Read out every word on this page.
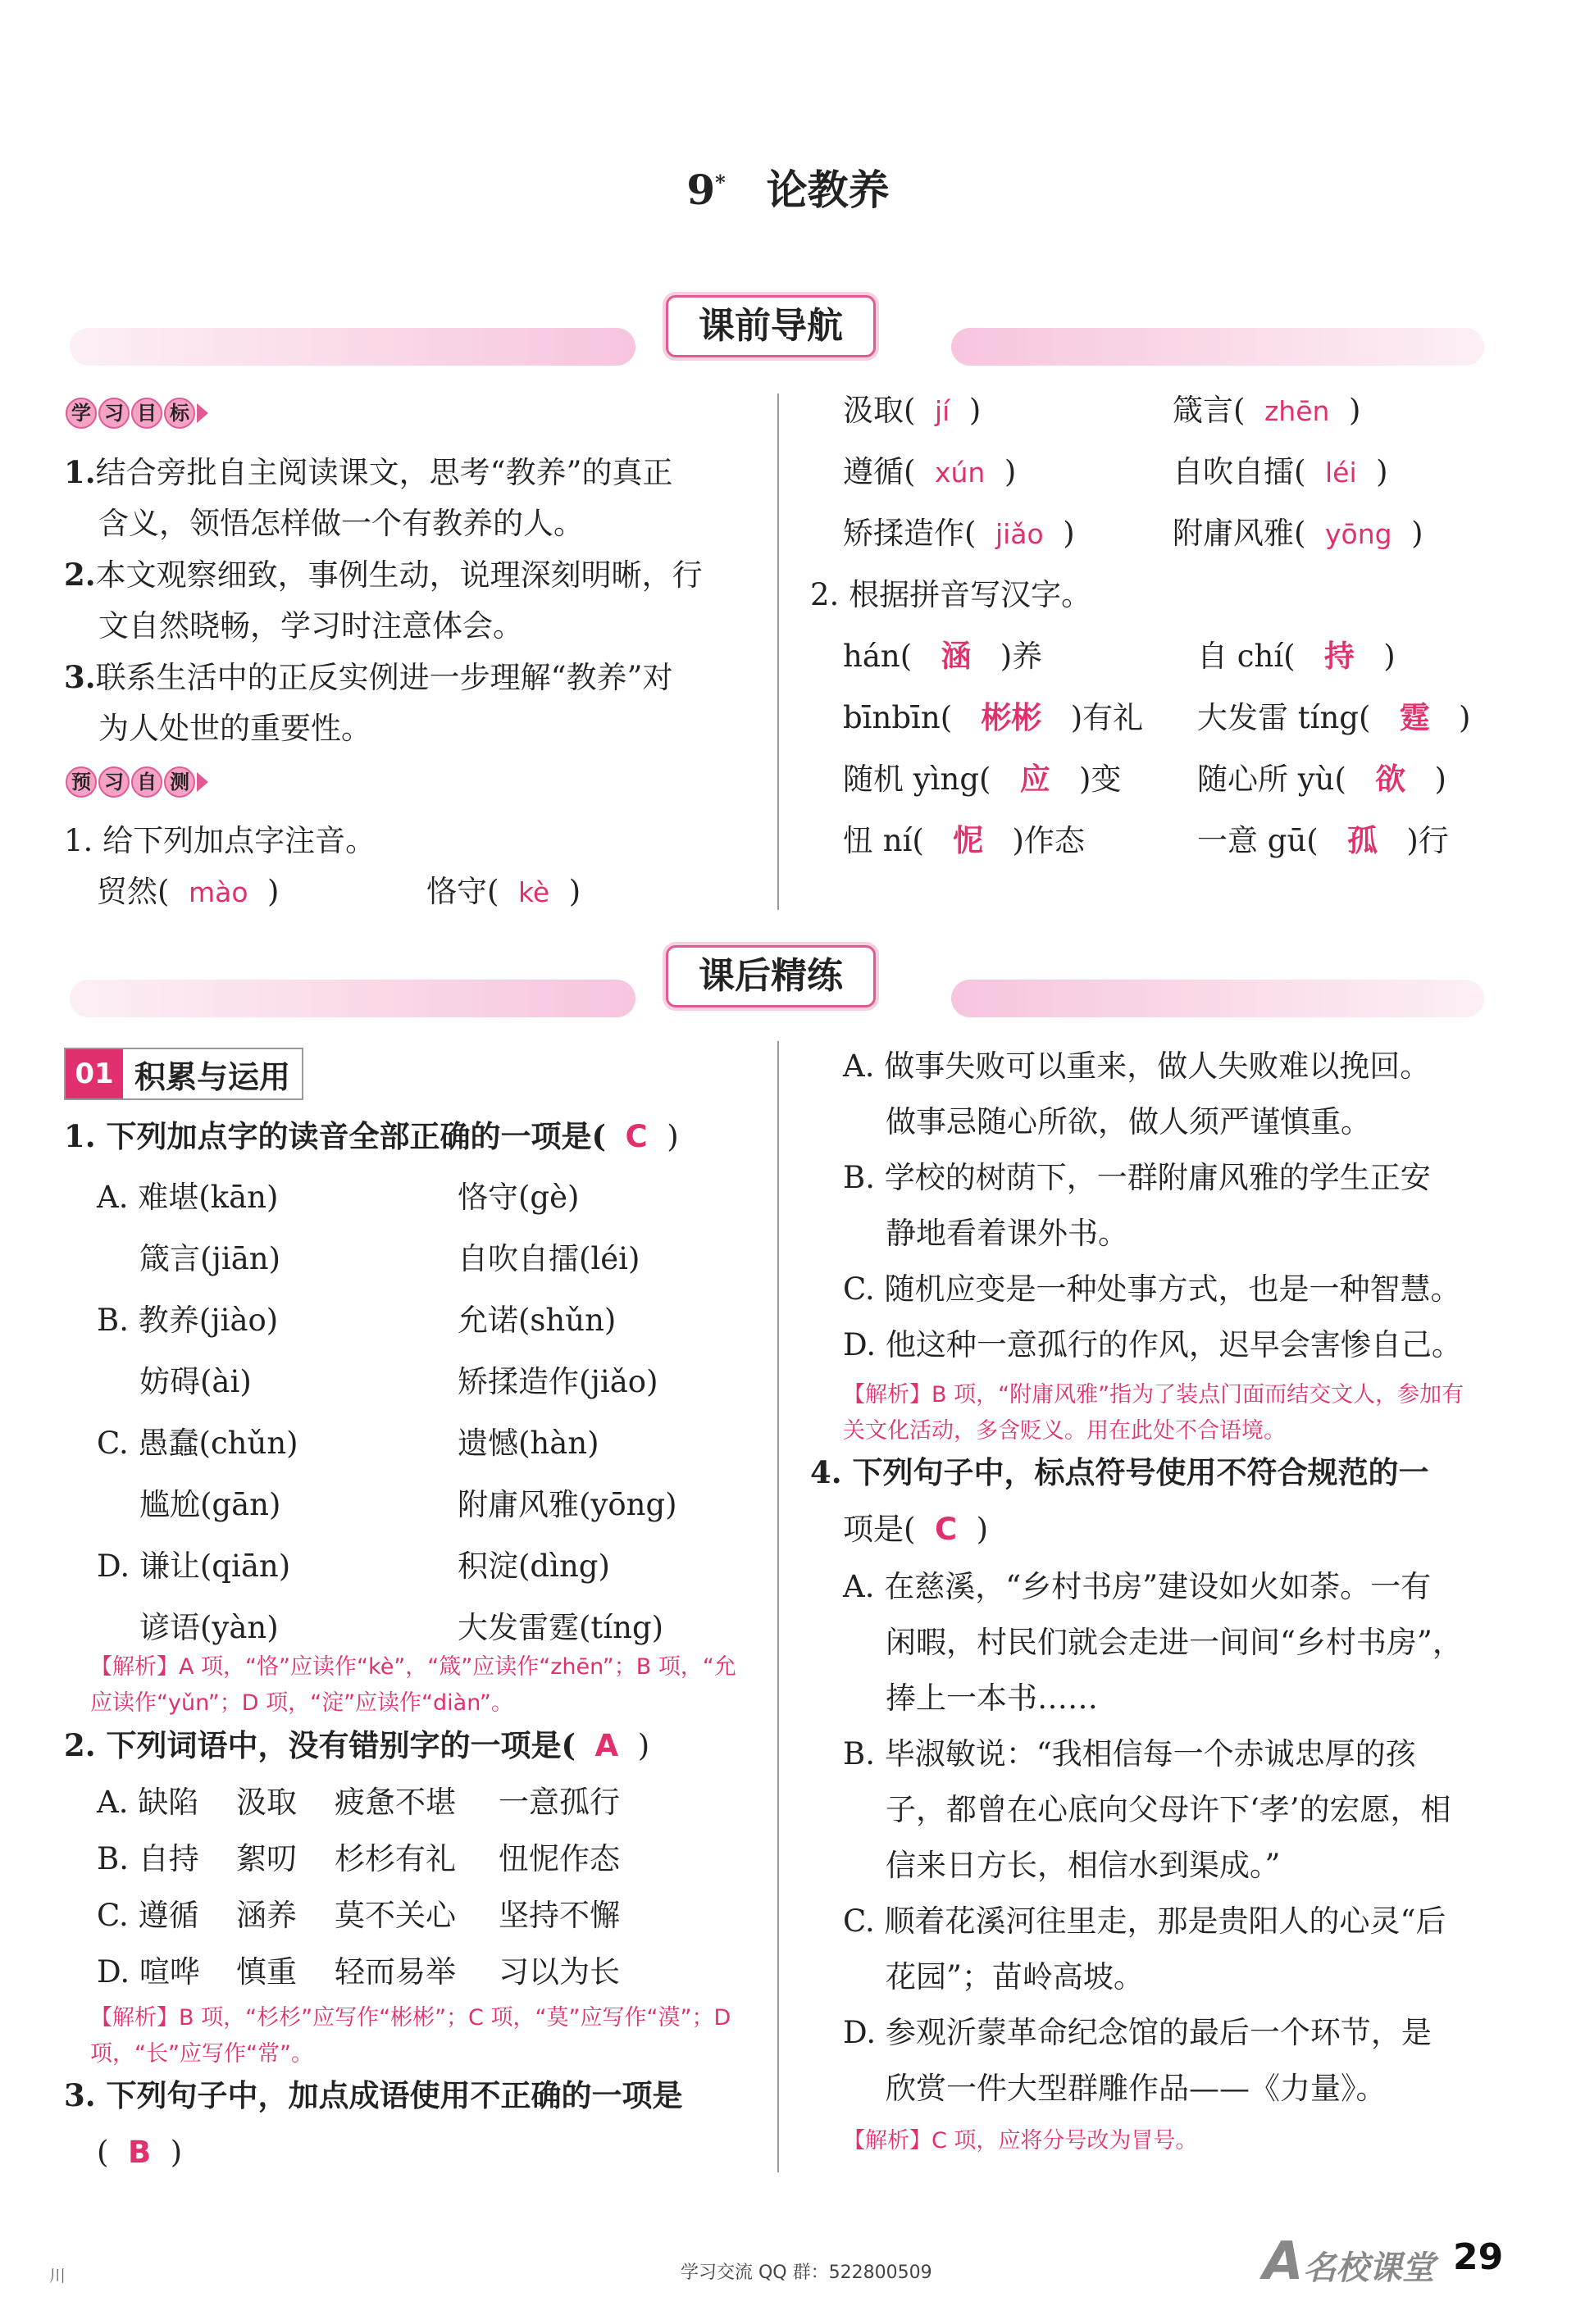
9* 论教养
课前导航
学 习 目 标
1.结合旁批自主阅读课文，思考“教养”的真正
含义，领悟怎样做一个有教养的人。
2.本文观察细致，事例生动，说理深刻明晰，行
文自然晓畅，学习时注意体会。
3.联系生活中的正反实例进一步理解“教养”对
为人处世的重要性。
预 习 自 测
1. 给下列加点字注音。
贸然(  mào  )	恪守(  kè  )
汲取(  jí  )	箴言(  zhēn  )
遵循(  xún  )	自吹自擂(  léi  )
矫揉造作(  jiǎo  )	附庸风雅(  yōng  )
2. 根据拼音写汉字。
hán( 涵 )养	自 chí( 持 )
bīnbīn( 彬彬 )有礼 大发雷 tíng( 霆 )
随机 yìng( 应 )变	随心所 yù( 欲 )
忸 ní( 怩 )作态	一意 gū( 孤 )行
课后精练
01 积累与运用
1. 下列加点字的读音全部正确的一项是( C )
A. 难堪(kān)	恪守(gè)
箴言(jiān)	自吹自擂(léi)
B. 教养(jiào)	允诺(shǔn)
妨碍(ài)	矫揉造作(jiǎo)
C. 愚蠢(chǔn)	遗憾(hàn)
尴尬(gān)	附庸风雅(yōng)
D. 谦让(qiān)	积淀(dìng)
谚语(yàn)	大发雷霆(tíng)
【解析】A 项，“恪”应读作“kè”，“箴”应读作“zhēn”；B 项，“允
应读作“yǔn”；D 项，“淀”应读作“diàn”。
2. 下列词语中，没有错别字的一项是( A )
A. 缺陷 汲取 疲惫不堪 一意孤行
B. 自持 絮叨 杉杉有礼 忸怩作态
C. 遵循 涵养 莫不关心 坚持不懈
D. 喧哗 慎重 轻而易举 习以为长
【解析】B 项，“杉杉”应写作“彬彬”；C 项，“莫”应写作“漠”；D
项，“长”应写作“常”。
3. 下列句子中，加点成语使用不正确的一项是
( B )
A. 做事失败可以重来，做人失败难以挽回。
做事忌随心所欲，做人须严谨慎重。
B. 学校的树荫下，一群附庸风雅的学生正安
静地看着课外书。
C. 随机应变是一种处事方式，也是一种智慧。
D. 他这种一意孤行的作风，迟早会害惨自己。
【解析】B 项，“附庸风雅”指为了装点门面而结交文人，参加有
关文化活动，多含贬义。用在此处不合语境。
4. 下列句子中，标点符号使用不符合规范的一
项是( C )
A. 在慈溪，“乡村书房”建设如火如荼。一有
闲暇，村民们就会走进一间间“乡村书房”，
捧上一本书……
B. 毕淑敏说：“我相信每一个赤诚忠厚的孩
子，都曾在心底向父母许下‘孝’的宏愿，相
信来日方长，相信水到渠成。”
C. 顺着花溪河往里走，那是贵阳人的心灵“后
花园”；苗岭高坡。
D. 参观沂蒙革命纪念馆的最后一个环节，是
欣赏一件大型群雕作品——《力量》。
【解析】C 项，应将分号改为冒号。
川	学习交流 QQ 群：522800509	A名校课堂 29
